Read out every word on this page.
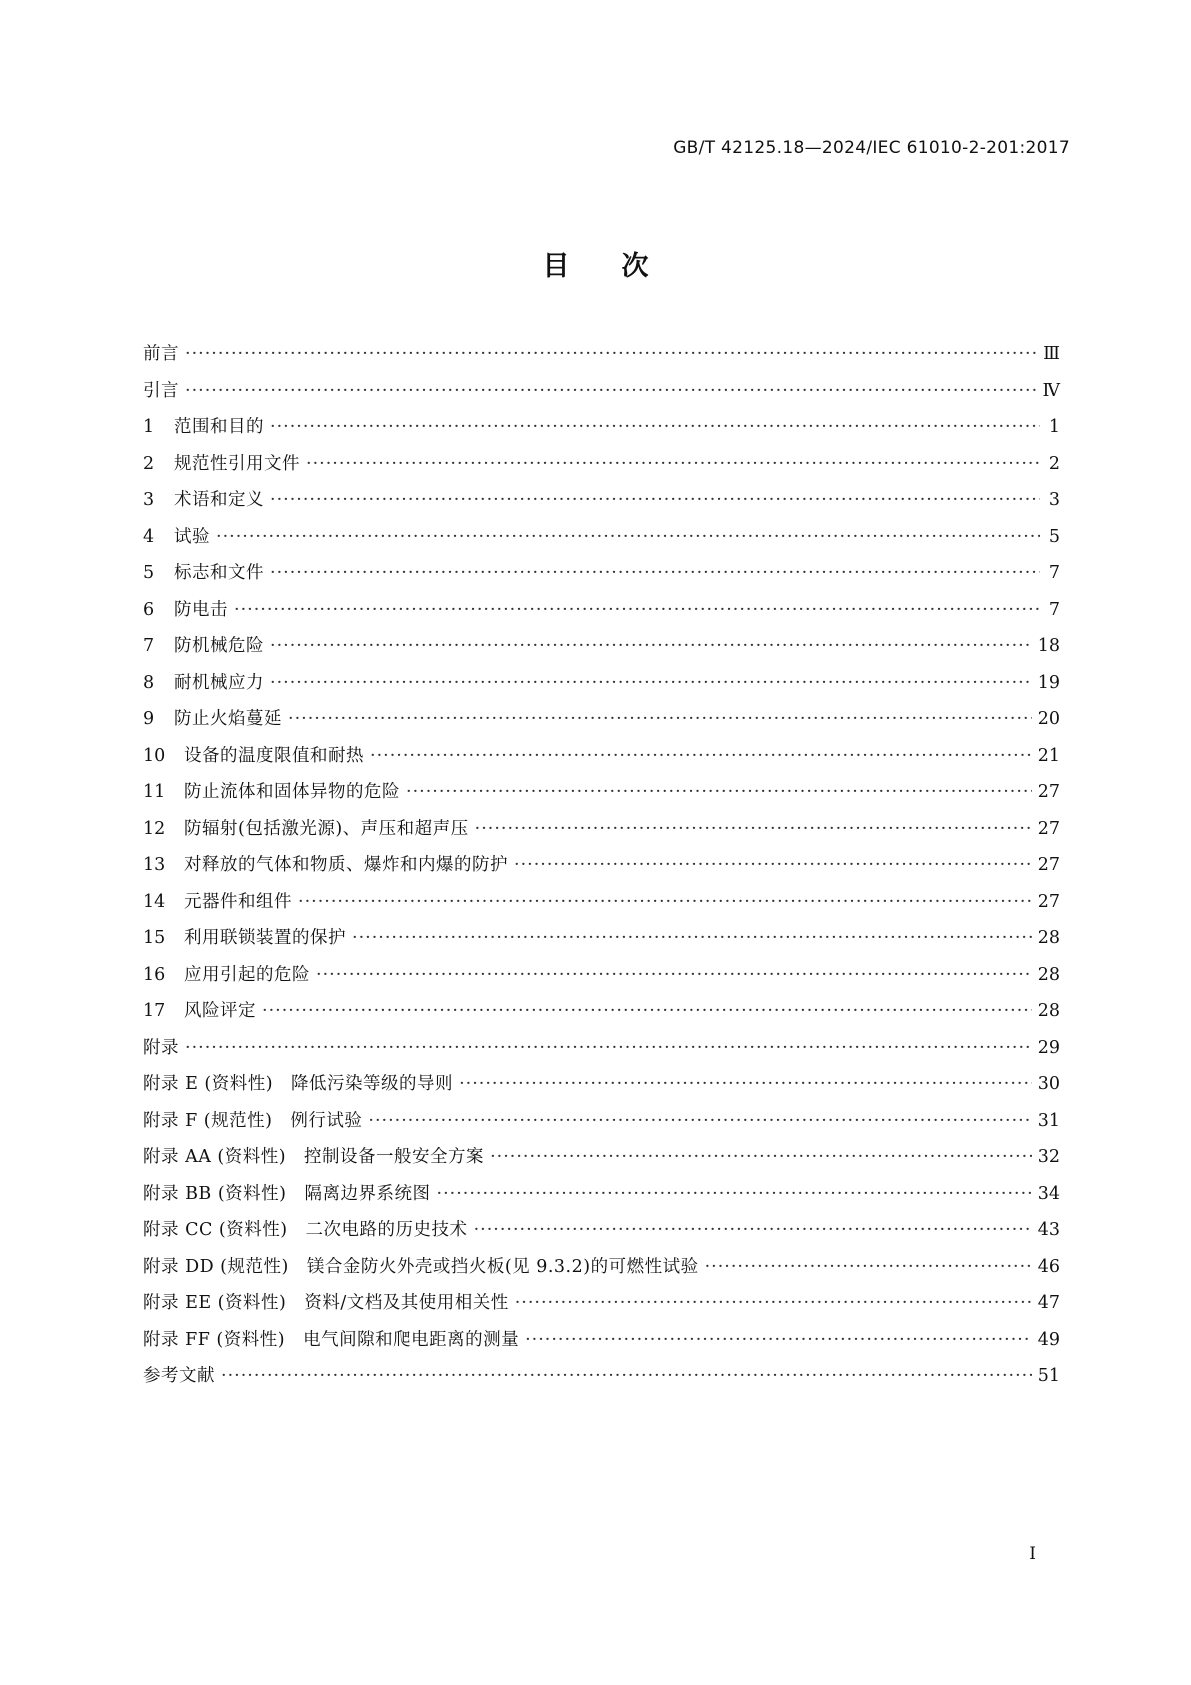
GB/T 42125.18—2024/IEC 61010-2-201:2017
目次
前言 ·····	Ⅲ
引言 ·····	Ⅳ
1	范围和目的 ·····	1
2	规范性引用文件 ·····	2
3	术语和定义 ·····	3
4	试验 ·····	5
5	标志和文件 ·····	7
6	防电击 ·····	7
7	防机械危险 ·····	18
8	耐机械应力 ·····	19
9	防止火焰蔓延 ·····	20
10	设备的温度限值和耐热 ·····	21
11	防止流体和固体异物的危险 ·····	27
12	防辐射(包括激光源)、声压和超声压 ·····	27
13	对释放的气体和物质、爆炸和内爆的防护 ·····	27
14	元器件和组件 ·····	27
15	利用联锁装置的保护 ·····	28
16	应用引起的危险 ·····	28
17	风险评定 ·····	28
附录 ·····	29
附录 E (资料性)　降低污染等级的导则 ·····	30
附录 F (规范性)　例行试验 ·····	31
附录 AA (资料性)　控制设备一般安全方案 ·····	32
附录 BB (资料性)　隔离边界系统图 ·····	34
附录 CC (资料性)　二次电路的历史技术 ·····	43
附录 DD (规范性)　镁合金防火外壳或挡火板(见 9.3.2)的可燃性试验 ·····	46
附录 EE (资料性)　资料/文档及其使用相关性 ·····	47
附录 FF (资料性)　电气间隙和爬电距离的测量 ·····	49
参考文献 ·····	51
I
